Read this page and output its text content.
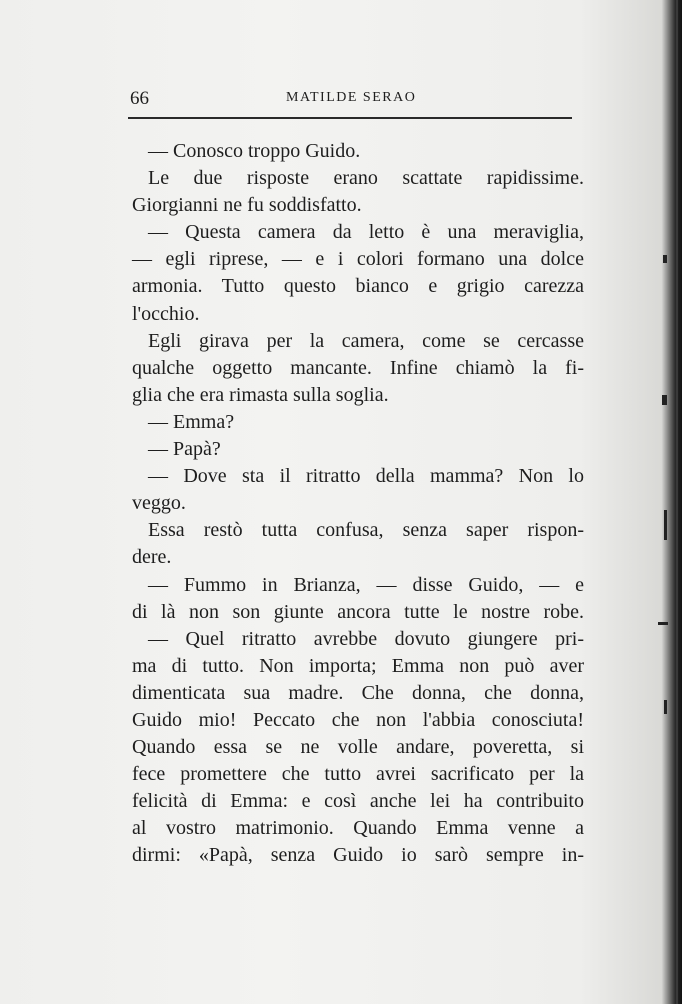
66	MATILDE SERAO
— Conosco troppo Guido.
Le due risposte erano scattate rapidissime.
Giorgianni ne fu soddisfatto.
— Questa camera da letto è una meraviglia,
— egli riprese, — e i colori formano una dolce
armonia. Tutto questo bianco e grigio carezza
l'occhio.
Egli girava per la camera, come se cercasse
qualche oggetto mancante. Infine chiamò la fi-
glia che era rimasta sulla soglia.
— Emma?
— Papà?
— Dove sta il ritratto della mamma? Non lo
veggo.
Essa restò tutta confusa, senza saper rispon-
dere.
— Fummo in Brianza, — disse Guido, — e
di là non son giunte ancora tutte le nostre robe.
— Quel ritratto avrebbe dovuto giungere pri-
ma di tutto. Non importa; Emma non può aver
dimenticata sua madre. Che donna, che donna,
Guido mio! Peccato che non l'abbia conosciuta!
Quando essa se ne volle andare, poveretta, si
fece promettere che tutto avrei sacrificato per la
felicità di Emma: e così anche lei ha contribuito
al vostro matrimonio. Quando Emma venne a
dirmi: «Papà, senza Guido io sarò sempre in-
